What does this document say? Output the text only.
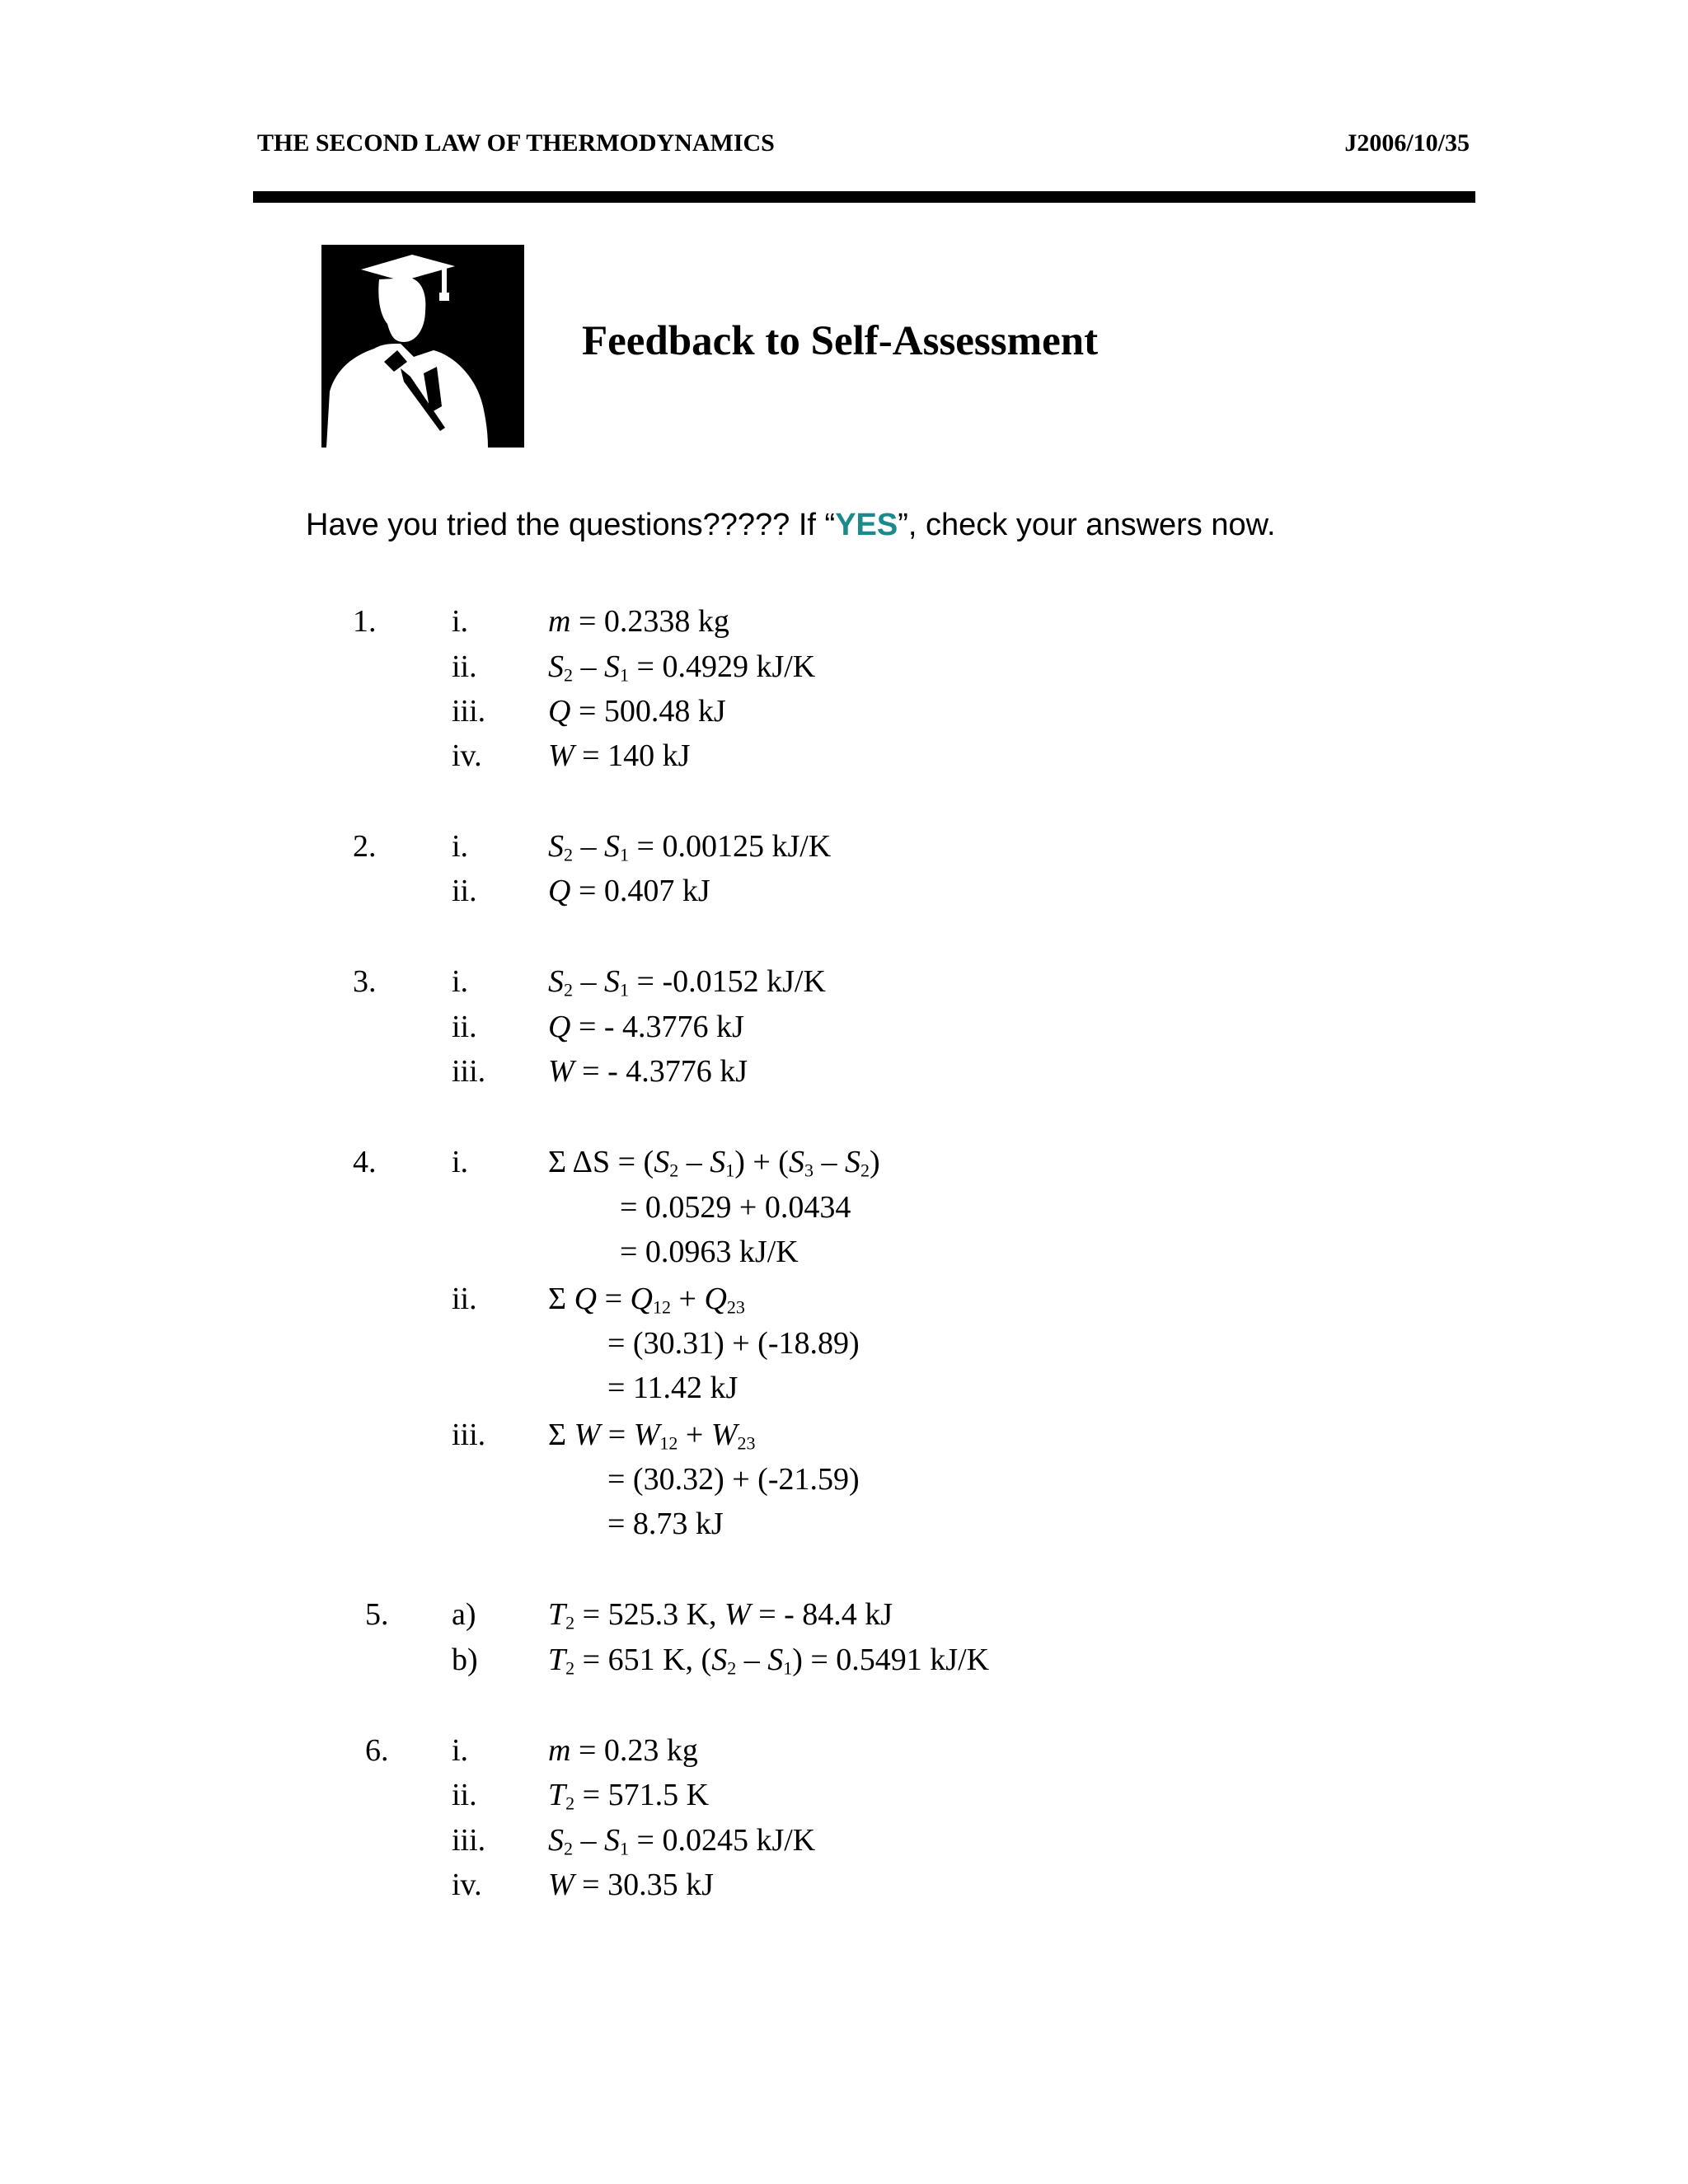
THE SECOND LAW OF THERMODYNAMICS	J2006/10/35
Feedback to Self-Assessment
Have you tried the questions????? If “YES”, check your answers now.
1. i.	m = 0.2338 kg
ii. $S_2 - S_1 = 0.4929$ kJ/K
iii. Q = 500.48 kJ
iv. W = 140 kJ
2. i.	$S_2 - S_1 = 0.00125$ kJ/K
ii. Q = 0.407 kJ
3. i.	$S_2 - S_1 = -0.0152$ kJ/K
ii. Q = - 4.3776 kJ
iii. W = - 4.3776 kJ
4. i.	Σ $\Delta S = (S_2 - S_1) + (S_3 - S_2)$
= 0.0529 + 0.0434
= 0.0963 kJ/K
ii. Σ $Q = Q_{12} + Q_{23}$
= (30.31) + (-18.89)
= 11.42 kJ
iii. Σ $W = W_{12} + W_{23}$
= (30.32) + (-21.59)
= 8.73 kJ
5. a) $T_2 = 525.3$ K, W = - 84.4 kJ
b) $T_2 = 651$ K, $(S_2 - S_1) = 0.5491$ kJ/K
6. i.	m = 0.23 kg
ii. $T_2 = 571.5$ K
iii. $S_2 - S_1 = 0.0245$ kJ/K
iv. W = 30.35 kJ
